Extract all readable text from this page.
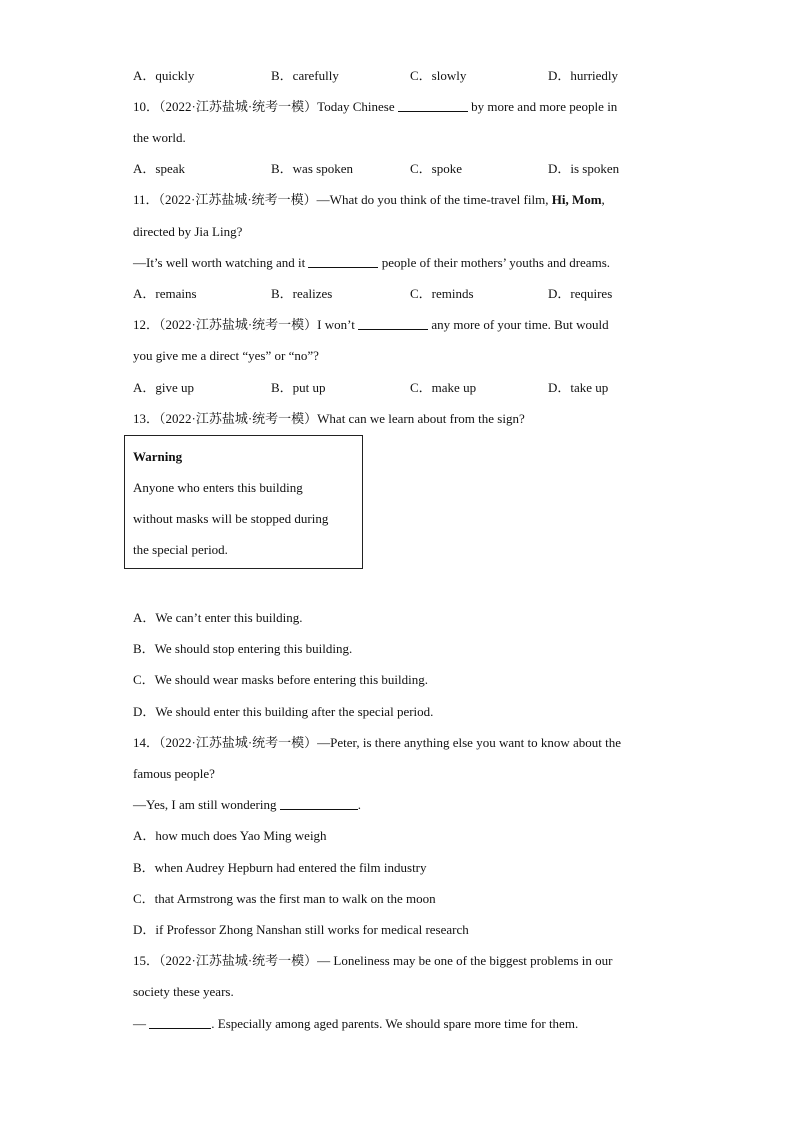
A．quickly	B．carefully	C．slowly	D．hurriedly
10．（2022·江苏盐城·统考一模）Today Chinese	by more and more people in
the world.
A．speak	B．was spoken	C．spoke	D．is spoken
11．（2022·江苏盐城·统考一模）—What do you think of the time-travel film, Hi, Mom,
directed by Jia Ling?
—It’s well worth watching and it	people of their mothers’ youths and dreams.
A．remains	B．realizes	C．reminds	D．requires
12．（2022·江苏盐城·统考一模）I won’t	any more of your time. But would
you give me a direct “yes” or “no”?
A．give up	B．put up	C．make up	D．take up
13．（2022·江苏盐城·统考一模）What can we learn about from the sign?
Warning
Anyone who enters this building
without masks will be stopped during
the special period.
A．We can’t enter this building.
B．We should stop entering this building.
C．We should wear masks before entering this building.
D．We should enter this building after the special period.
14．（2022·江苏盐城·统考一模）—Peter, is there anything else you want to know about the
famous people?
—Yes, I am still wondering	.
A．how much does Yao Ming weigh
B．when Audrey Hepburn had entered the film industry
C．that Armstrong was the first man to walk on the moon
D．if Professor Zhong Nanshan still works for medical research
15．（2022·江苏盐城·统考一模）— Loneliness may be one of the biggest problems in our
society these years.
—	. Especially among aged parents. We should spare more time for them.
